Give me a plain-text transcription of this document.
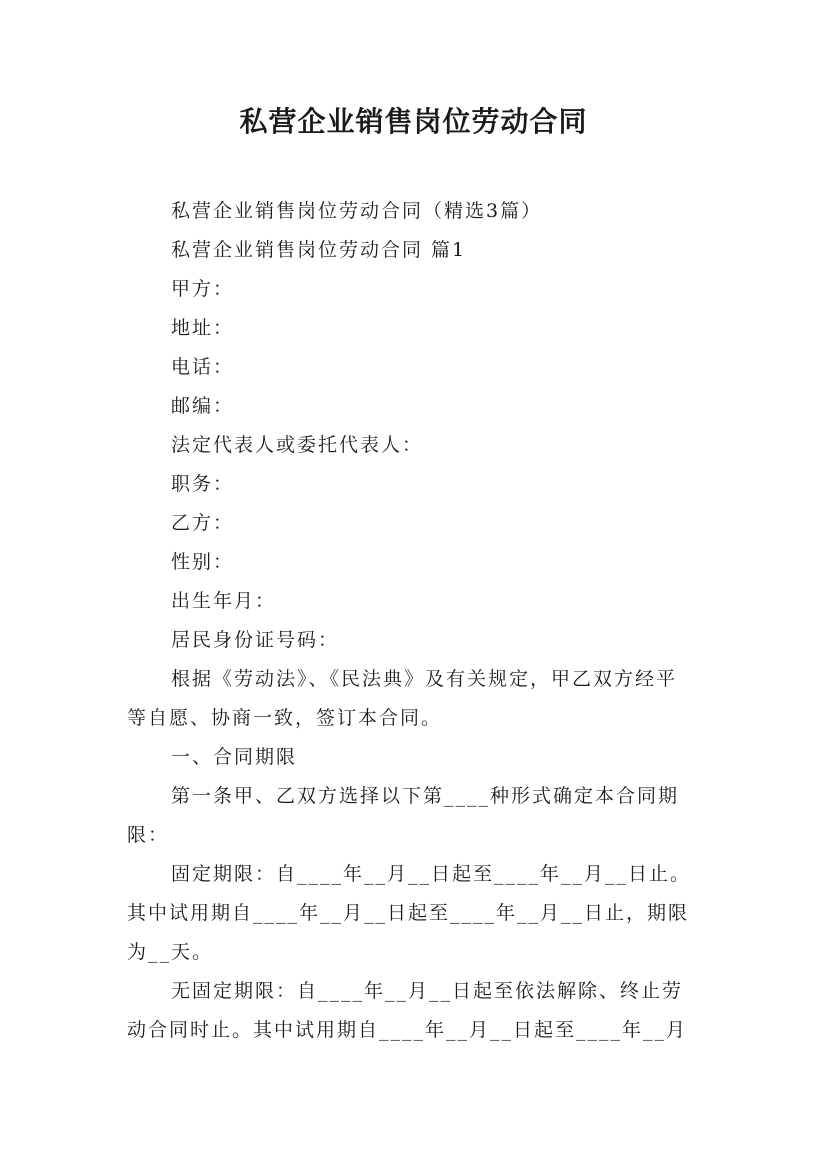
私营企业销售岗位劳动合同
私营企业销售岗位劳动合同（精选3篇）
私营企业销售岗位劳动合同 篇1
甲方：
地址：
电话：
邮编：
法定代表人或委托代表人：
职务：
乙方：
性别：
出生年月：
居民身份证号码：
根据《劳动法》、《民法典》及有关规定，甲乙双方经平
等自愿、协商一致，签订本合同。
一、合同期限
第一条甲、乙双方选择以下第____种形式确定本合同期
限：
固定期限：自____年__月__日起至____年__月__日止。
其中试用期自____年__月__日起至____年__月__日止，期限
为__天。
无固定期限：自____年__月__日起至依法解除、终止劳
动合同时止。其中试用期自____年__月__日起至____年__月
